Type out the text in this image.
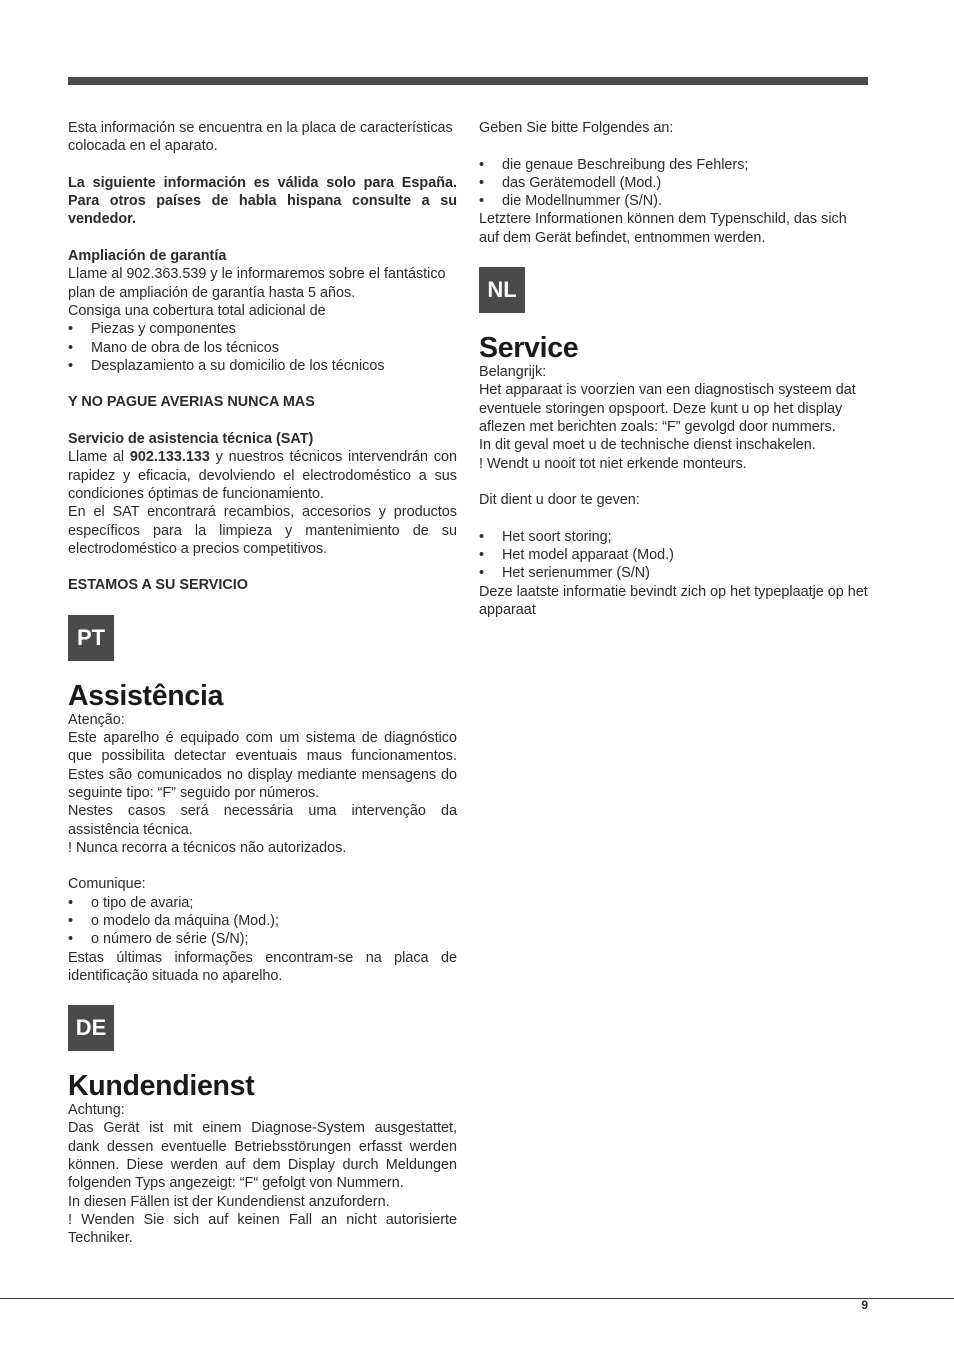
Esta información se encuentra en la placa de características colocada en el aparato.

La siguiente información es válida solo para España. Para otros países de habla hispana consulte a su vendedor.

Ampliación de garantía

Llame al 902.363.539 y le informaremos sobre el fantástico plan de ampliación de garantía hasta 5 años.

Consiga una cobertura total adicional de

• Piezas y componentes
• Mano de obra de los técnicos
• Desplazamiento a su domicilio de los técnicos

Y NO PAGUE AVERIAS NUNCA MAS

Servicio de asistencia técnica (SAT)

Llame al 902.133.133 y nuestros técnicos intervendrán con rapidez y eficacia, devolviendo el electrodoméstico a sus condiciones óptimas de funcionamiento.

En el SAT encontrará recambios, accesorios y productos específicos para la limpieza y mantenimiento de su electrodoméstico a precios competitivos.

ESTAMOS A SU SERVICIO

PT
Assistência

Atenção:

Este aparelho é equipado com um sistema de diagnóstico que possibilita detectar eventuais maus funcionamentos. Estes são comunicados no display mediante mensagens do seguinte tipo: “F” seguido por números.

Nestes casos será necessária uma intervenção da assistência técnica.

! Nunca recorra a técnicos não autorizados.

Comunique:

• o tipo de avaria;
• o modelo da máquina (Mod.);
• o número de série (S/N);

Estas últimas informações encontram-se na placa de identificação situada no aparelho.

DE
Kundendienst

Achtung:

Das Gerät ist mit einem Diagnose-System ausgestattet, dank dessen eventuelle Betriebsstörungen erfasst werden können. Diese werden auf dem Display durch Meldungen folgenden Typs angezeigt: “F“ gefolgt von Nummern.

In diesen Fällen ist der Kundendienst anzufordern.

! Wenden Sie sich auf keinen Fall an nicht autorisierte Techniker.

Geben Sie bitte Folgendes an:

• die genaue Beschreibung des Fehlers;
• das Gerätemodell (Mod.)
• die Modellnummer (S/N).

Letztere Informationen können dem Typenschild, das sich auf dem Gerät befindet, entnommen werden.

NL
Service

Belangrijk:

Het apparaat is voorzien van een diagnostisch systeem dat eventuele storingen opspoort. Deze kunt u op het display aflezen met berichten zoals: “F” gevolgd door nummers.

In dit geval moet u de technische dienst inschakelen.

! Wendt u nooit tot niet erkende monteurs.

Dit dient u door te geven:

• Het soort storing;
• Het model apparaat (Mod.)
• Het serienummer (S/N)

Deze laatste informatie bevindt zich op het typeplaatje op het apparaat

9
